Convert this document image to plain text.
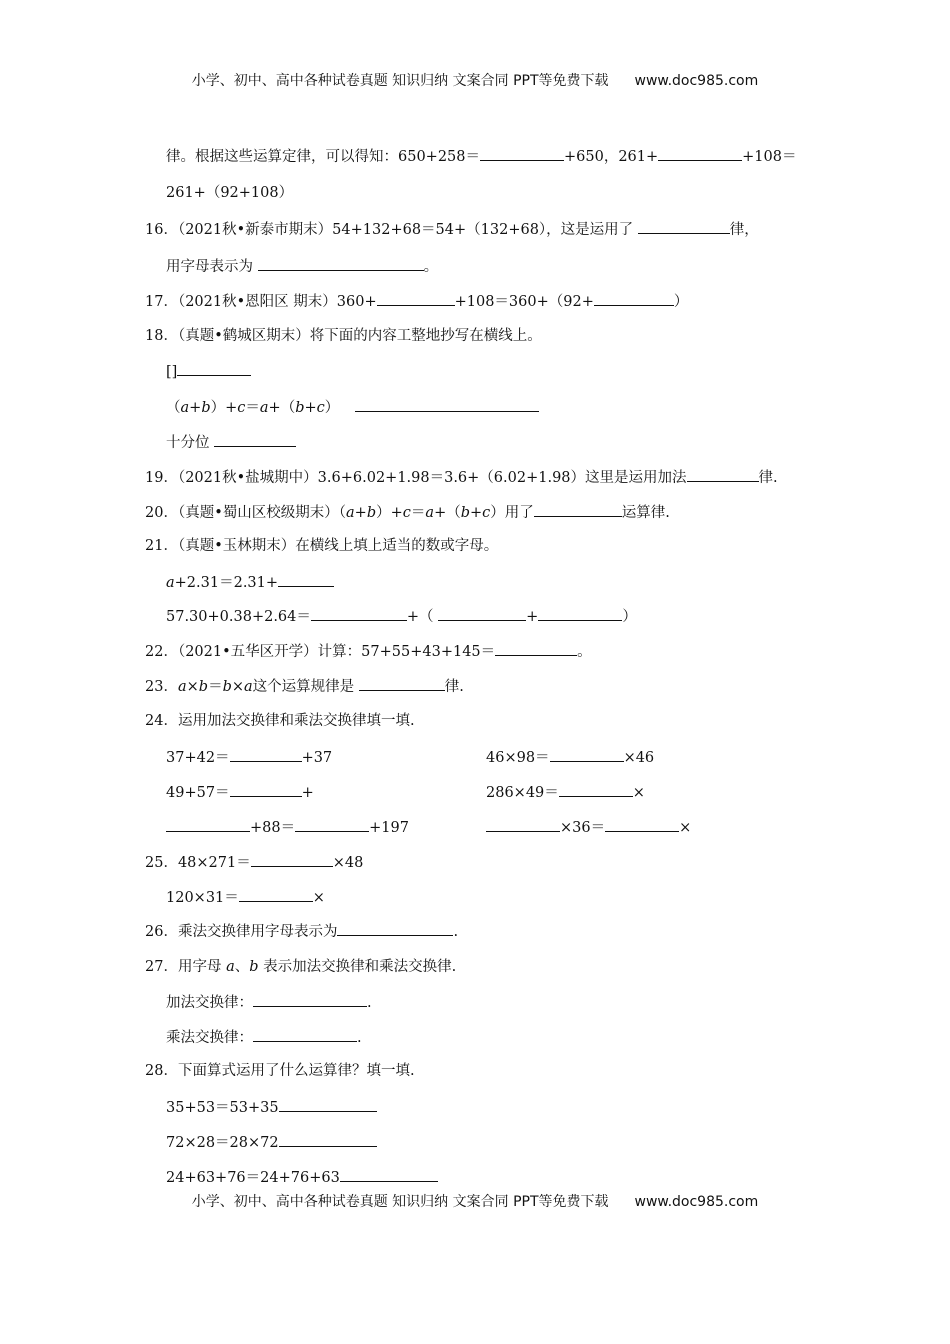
小学、初中、高中各种试卷真题 知识归纳 文案合同 PPT等免费下载 www.doc985.com
律。根据这些运算定律，可以得知：650+258＝	+650，261+	+108＝
261+（92+108）
16．（2021秋•新泰市期末）54+132+68＝54+（132+68），这是运用了	律，
用字母表示为	。
17．（2021秋•恩阳区 期末）360+	+108＝360+（92+	）
18．（真题•鹤城区期末）将下面的内容工整地抄写在横线上。
[]
（a+b）+c＝a+（b+c）
十分位
19．（2021秋•盐城期中）3.6+6.02+1.98＝3.6+（6.02+1.98）这里是运用加法	律.
20．（真题•蜀山区校级期末）（a+b）+c＝a+（b+c）用了	运算律.
21．（真题•玉林期末）在横线上填上适当的数或字母。
a+2.31＝2.31+
57.30+0.38+2.64＝	+（	+	）
22．（2021•五华区开学）计算：57+55+43+145＝	。
23．a×b＝b×a这个运算规律是	律.
24．运用加法交换律和乘法交换律填一填.
37+42＝	+37	46×98＝	×46
49+57＝	+	286×49＝	×
+88＝	+197	×36＝	×
25．48×271＝	×48
120×31＝	×
26．乘法交换律用字母表示为	.
27．用字母 a、b 表示加法交换律和乘法交换律.
加法交换律：	.
乘法交换律：	.
28．下面算式运用了什么运算律？填一填.
35+53＝53+35
72×28＝28×72
24+63+76＝24+76+63
小学、初中、高中各种试卷真题 知识归纳 文案合同 PPT等免费下载 www.doc985.com
